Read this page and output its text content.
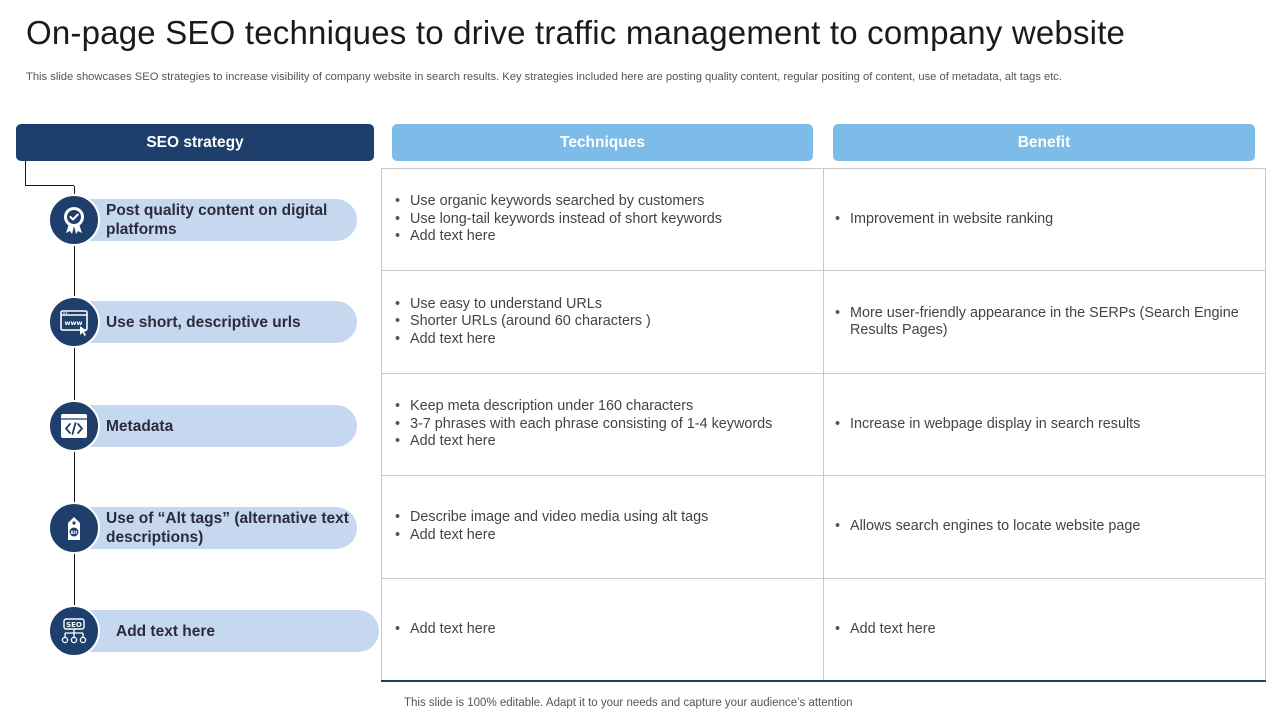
On-page SEO techniques to drive traffic management to company website

This slide showcases SEO strategies to increase visibility of company website in search results. Key strategies included here are posting quality content, regular positing of content, use of metadata, alt tags etc.

SEO strategy	Techniques	Benefit
Post quality content on digital platforms
Use short, descriptive urls
www
Metadata
Use of “Alt tags” (alternative text descriptions)
Alt
Add text here
SEO
• Use organic keywords searched by customers
• Use long-tail keywords instead of short keywords
• Add text here
• Improvement in website ranking
• Use easy to understand URLs
• Shorter URLs (around 60 characters )
• Add text here
• More user-friendly appearance in the SERPs (Search Engine Results Pages)
• Keep meta description under 160 characters
• 3-7 phrases with each phrase consisting of 1-4 keywords
• Add text here
• Increase in webpage display in search results
• Describe image and video media using alt tags
• Add text here
• Allows search engines to locate website page
• Add text here
•	Add text here
This slide is 100% editable. Adapt it to your needs and capture your audience’s attention
